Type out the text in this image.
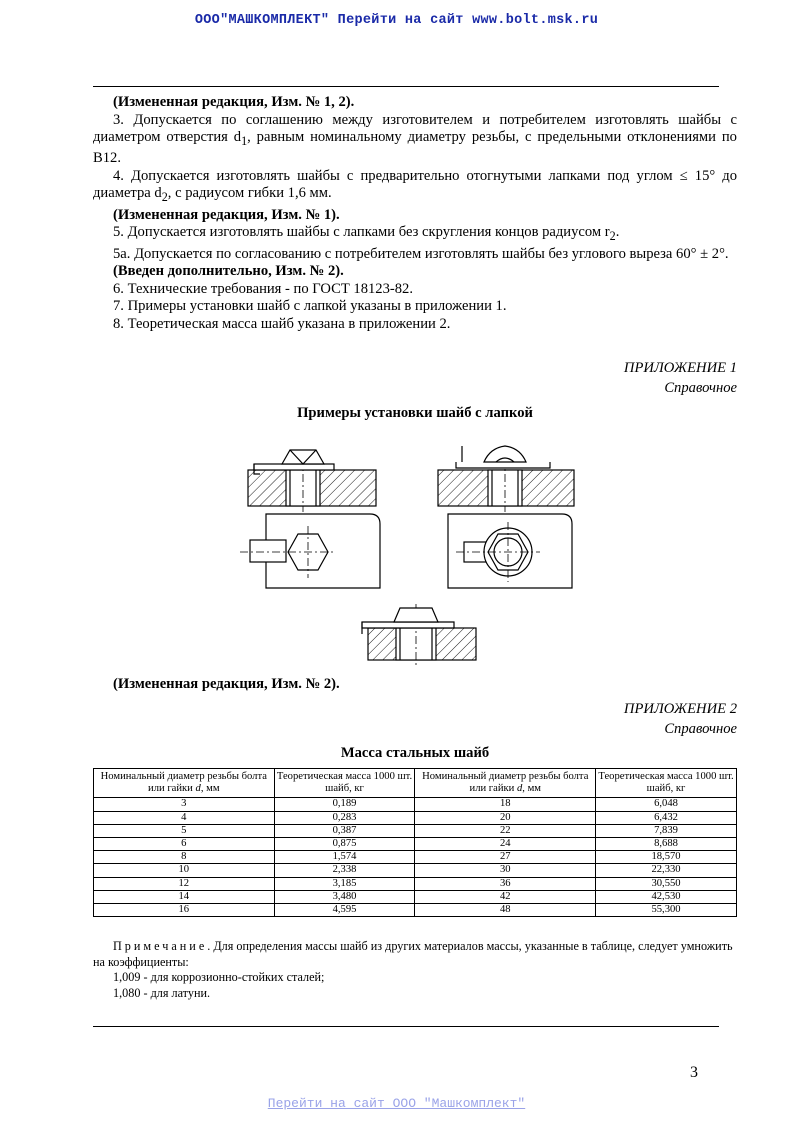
ООО"МАШКОМПЛЕКТ" Перейти на сайт www.bolt.msk.ru

(Измененная редакция, Изм. № 1, 2).

3. Допускается по соглашению между изготовителем и потребителем изготовлять шайбы с диаметром отверстия $d_1$, равным номинальному диаметру резьбы, с предельными отклонениями по В12.

4. Допускается изготовлять шайбы с предварительно отогнутыми лапками под углом ≤ 15° до диаметра $d_2$, с радиусом гибки 1,6 мм.

(Измененная редакция, Изм. № 1).

5. Допускается изготовлять шайбы с лапками без скругления концов радиусом $r_2$.

5а. Допускается по согласованию с потребителем изготовлять шайбы без углового выреза 60° ± 2°.

(Введен дополнительно, Изм. № 2).

6. Технические требования - по ГОСТ 18123-82.

7. Примеры установки шайб с лапкой указаны в приложении 1.

8. Теоретическая масса шайб указана в приложении 2.

ПРИЛОЖЕНИЕ 1
Справочное
Примеры установки шайб с лапкой
(Измененная редакция, Изм. № 2).
ПРИЛОЖЕНИЕ 2
Справочное
Масса стальных шайб
Номинальный диаметр резьбы болта или гайки d, мм	Теоретическая масса 1000 шт. шайб, кг	Номинальный диаметр резьбы болта или гайки d, мм	Теоретическая масса 1000 шт. шайб, кг
3	0,189	18	6,048
4	0,283	20	6,432
5	0,387	22	7,839
6	0,875	24	8,688
8	1,574	27	18,570
10	2,338	30	22,330
12	3,185	36	30,550
14	3,480	42	42,530
16	4,595	48	55,300

Примечание. Для определения массы шайб из других материалов массы, указанные в таблице, следует умножить на коэффициенты:

1,009 - для коррозионно-стойких сталей;

1,080 - для латуни.

3
Перейти на сайт ООО "Машкомплект"
